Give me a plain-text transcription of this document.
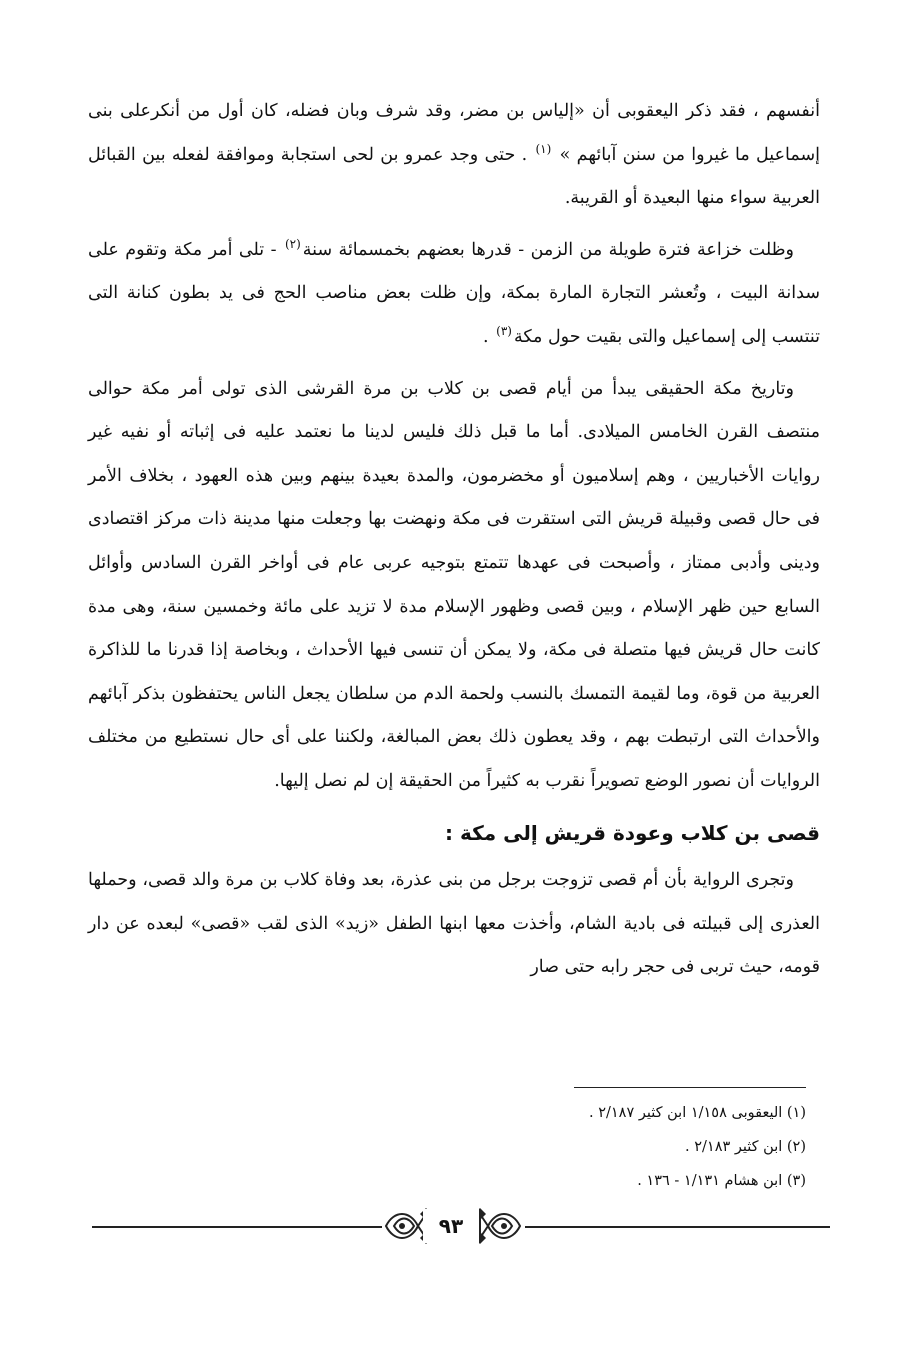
أنفسهم ، فقد ذكر اليعقوبى أن «إلياس بن مضر، وقد شرف وبان فضله، كان أول من أنكرعلى بنى إسماعيل ما غيروا من سنن آبائهم » $^{(١)}$ . حتى وجد عمرو بن لحى استجابة وموافقة لفعله بين القبائل العربية سواء منها البعيدة أو القريبة.

وظلت خزاعة فترة طويلة من الزمن - قدرها بعضهم بخمسمائة سنة$^{(٢)}$ - تلى أمر مكة وتقوم على سدانة البيت ، وتُعشر التجارة المارة بمكة، وإن ظلت بعض مناصب الحج فى يد بطون كنانة التى تنتسب إلى إسماعيل والتى بقيت حول مكة$^{(٣)}$ .

وتاريخ مكة الحقيقى يبدأ من أيام قصى بن كلاب بن مرة القرشى الذى تولى أمر مكة حوالى منتصف القرن الخامس الميلادى. أما ما قبل ذلك فليس لدينا ما نعتمد عليه فى إثباته أو نفيه غير روايات الأخباريين ، وهم إسلاميون أو مخضرمون، والمدة بعيدة بينهم وبين هذه العهود ، بخلاف الأمر فى حال قصى وقبيلة قريش التى استقرت فى مكة ونهضت بها وجعلت منها مدينة ذات مركز اقتصادى ودينى وأدبى ممتاز ، وأصبحت فى عهدها تتمتع بتوجيه عربى عام فى أواخر القرن السادس وأوائل السابع حين ظهر الإسلام ، وبين قصى وظهور الإسلام مدة لا تزيد على مائة وخمسين سنة، وهى مدة كانت حال قريش فيها متصلة فى مكة، ولا يمكن أن تنسى فيها الأحداث ، وبخاصة إذا قدرنا ما للذاكرة العربية من قوة، وما لقيمة التمسك بالنسب ولحمة الدم من سلطان يجعل الناس يحتفظون بذكر آبائهم والأحداث التى ارتبطت بهم ، وقد يعطون ذلك بعض المبالغة، ولكننا على أى حال نستطيع من مختلف الروايات أن نصور الوضع تصويراً نقرب به كثيراً من الحقيقة إن لم نصل إليها.

قصى بن كلاب وعودة قريش إلى مكة :

وتجرى الرواية بأن أم قصى تزوجت برجل من بنى عذرة، بعد وفاة كلاب بن مرة والد قصى، وحملها العذرى إلى قبيلته فى بادية الشام، وأخذت معها ابنها الطفل «زيد» الذى لقب «قصى» لبعده عن دار قومه، حيث تربى فى حجر رابه حتى صار

(١) اليعقوبى ١/١٥٨ ابن كثير ٢/١٨٧ .

(٢) ابن كثير ٢/١٨٣ .

(٣) ابن هشام ١/١٣١ - ١٣٦ .

٩٣
